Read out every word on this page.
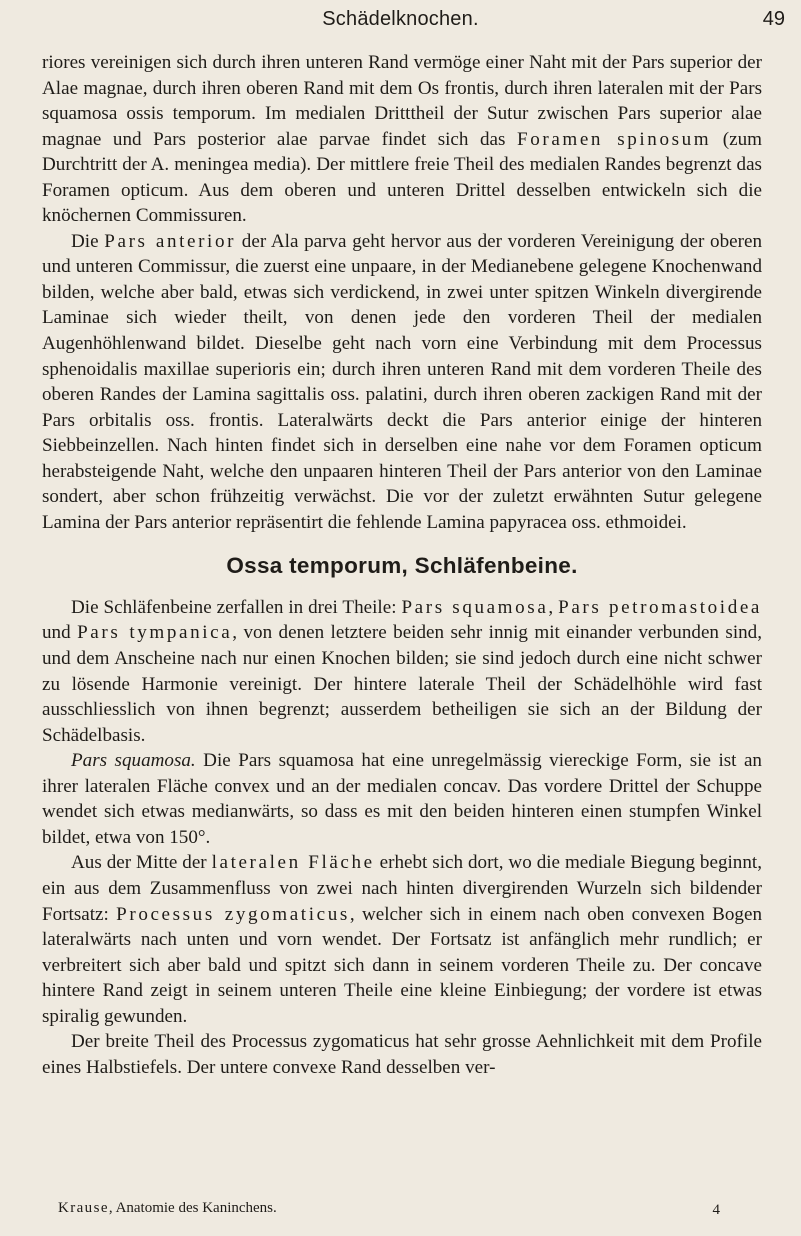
Schädelknochen.	49

riores vereinigen sich durch ihren unteren Rand vermöge einer Naht mit der Pars superior der Alae magnae, durch ihren oberen Rand mit dem Os frontis, durch ihren lateralen mit der Pars squamosa ossis temporum. Im medialen Dritttheil der Sutur zwischen Pars superior alae magnae und Pars posterior alae parvae findet sich das Foramen spinosum (zum Durchtritt der A. meningea media). Der mittlere freie Theil des medialen Randes begrenzt das Foramen opticum. Aus dem oberen und unteren Drittel desselben entwickeln sich die knöchernen Commissuren.

Die Pars anterior der Ala parva geht hervor aus der vorderen Vereinigung der oberen und unteren Commissur, die zuerst eine unpaare, in der Medianebene gelegene Knochenwand bilden, welche aber bald, etwas sich verdickend, in zwei unter spitzen Winkeln divergirende Laminae sich wieder theilt, von denen jede den vorderen Theil der medialen Augenhöhlenwand bildet. Dieselbe geht nach vorn eine Verbindung mit dem Processus sphenoidalis maxillae superioris ein; durch ihren unteren Rand mit dem vorderen Theile des oberen Randes der Lamina sagittalis oss. palatini, durch ihren oberen zackigen Rand mit der Pars orbitalis oss. frontis. Lateralwärts deckt die Pars anterior einige der hinteren Siebbeinzellen. Nach hinten findet sich in derselben eine nahe vor dem Foramen opticum herabsteigende Naht, welche den unpaaren hinteren Theil der Pars anterior von den Laminae sondert, aber schon frühzeitig verwächst. Die vor der zuletzt erwähnten Sutur gelegene Lamina der Pars anterior repräsentirt die fehlende Lamina papyracea oss. ethmoidei.

Ossa temporum, Schläfenbeine.

Die Schläfenbeine zerfallen in drei Theile: Pars squamosa, Pars petromastoidea und Pars tympanica, von denen letztere beiden sehr innig mit einander verbunden sind, und dem Anscheine nach nur einen Knochen bilden; sie sind jedoch durch eine nicht schwer zu lösende Harmonie vereinigt. Der hintere laterale Theil der Schädelhöhle wird fast ausschliesslich von ihnen begrenzt; ausserdem betheiligen sie sich an der Bildung der Schädelbasis.

Pars squamosa. Die Pars squamosa hat eine unregelmässig viereckige Form, sie ist an ihrer lateralen Fläche convex und an der medialen concav. Das vordere Drittel der Schuppe wendet sich etwas medianwärts, so dass es mit den beiden hinteren einen stumpfen Winkel bildet, etwa von 150°.

Aus der Mitte der lateralen Fläche erhebt sich dort, wo die mediale Biegung beginnt, ein aus dem Zusammenfluss von zwei nach hinten divergirenden Wurzeln sich bildender Fortsatz: Processus zygomaticus, welcher sich in einem nach oben convexen Bogen lateralwärts nach unten und vorn wendet. Der Fortsatz ist anfänglich mehr rundlich; er verbreitert sich aber bald und spitzt sich dann in seinem vorderen Theile zu. Der concave hintere Rand zeigt in seinem unteren Theile eine kleine Einbiegung; der vordere ist etwas spiralig gewunden.

Der breite Theil des Processus zygomaticus hat sehr grosse Aehnlichkeit mit dem Profile eines Halbstiefels. Der untere convexe Rand desselben ver-

Krause, Anatomie des Kaninchens.	4
